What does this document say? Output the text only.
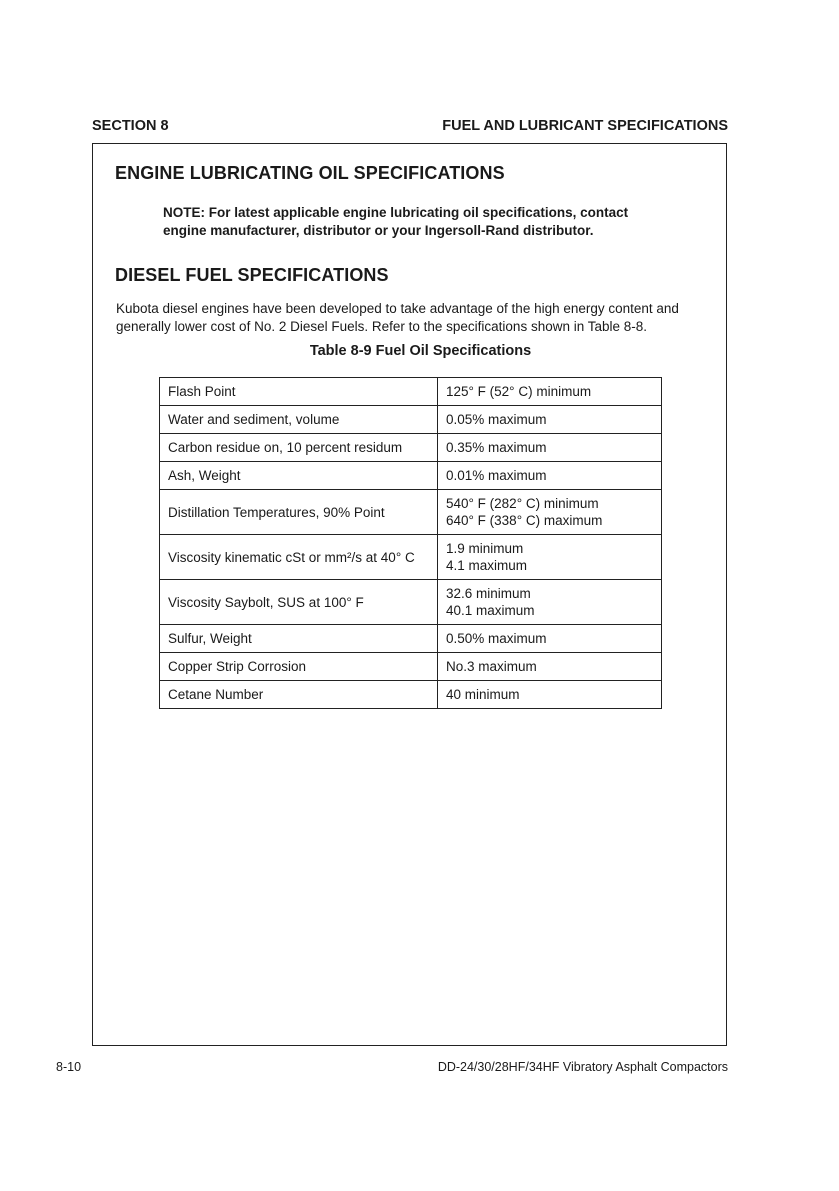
SECTION 8	FUEL AND LUBRICANT SPECIFICATIONS
ENGINE LUBRICATING OIL SPECIFICATIONS
NOTE: For latest applicable engine lubricating oil specifications, contact
engine manufacturer, distributor or your Ingersoll-Rand distributor.
DIESEL FUEL SPECIFICATIONS
Kubota diesel engines have been developed to take advantage of the high energy content and
generally lower cost of No. 2 Diesel Fuels. Refer to the specifications shown in Table 8-8.
Table 8-9 Fuel Oil Specifications
Flash Point	125° F (52° C) minimum

Water and sediment, volume	0.05% maximum

Carbon residue on, 10 percent residum	0.35% maximum

Ash, Weight	0.01% maximum

Distillation Temperatures, 90% Point	540° F (282° C) minimum
640° F (338° C) maximum

Viscosity kinematic cSt or mm²/s at 40° C	1.9 minimum
4.1 maximum

Viscosity Saybolt, SUS at 100° F	32.6 minimum
40.1 maximum

Sulfur, Weight	0.50% maximum

Copper Strip Corrosion	No.3 maximum

Cetane Number	40 minimum
8-10	DD-24/30/28HF/34HF Vibratory Asphalt Compactors
